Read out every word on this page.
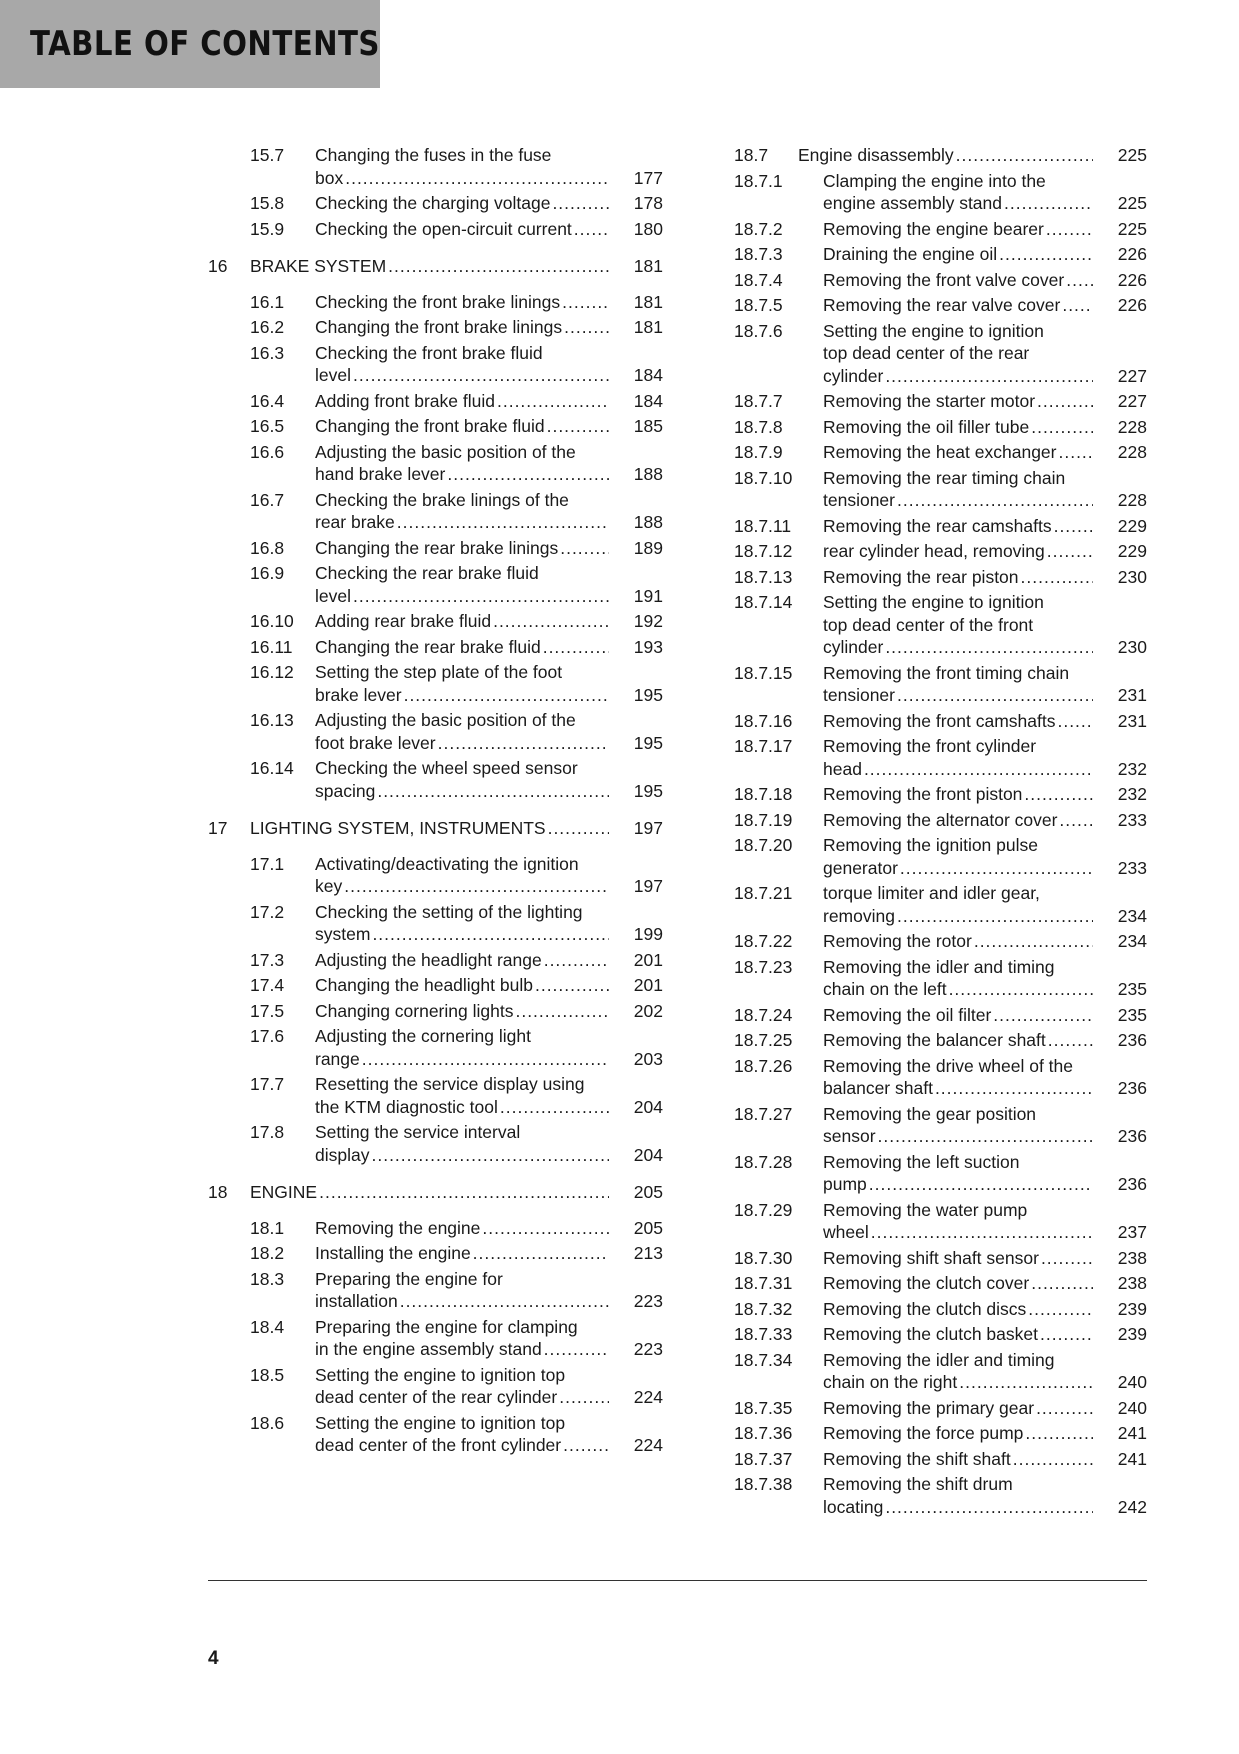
TABLE OF CONTENTS
15.7 Changing the fuses in the fuse
box .....	177
15.8 Checking the charging voltage .....	178
15.9 Checking the open-circuit current .....	180
16 BRAKE SYSTEM .....	181
16.1 Checking the front brake linings .....	181
16.2 Changing the front brake linings .....	181
16.3 Checking the front brake fluid
level .....	184
16.4 Adding front brake fluid .....	184
16.5 Changing the front brake fluid .....	185
16.6 Adjusting the basic position of the
hand brake lever .....	188
16.7 Checking the brake linings of the
rear brake .....	188
16.8 Changing the rear brake linings .....	189
16.9 Checking the rear brake fluid
level .....	191
16.10 Adding rear brake fluid .....	192
16.11 Changing the rear brake fluid .....	193
16.12 Setting the step plate of the foot
brake lever .....	195
16.13 Adjusting the basic position of the
foot brake lever .....	195
16.14 Checking the wheel speed sensor
spacing .....	195
17 LIGHTING SYSTEM, INSTRUMENTS .....	197
17.1 Activating/deactivating the ignition
key .....	197
17.2 Checking the setting of the lighting
system .....	199
17.3 Adjusting the headlight range .....	201
17.4 Changing the headlight bulb .....	201
17.5 Changing cornering lights .....	202
17.6 Adjusting the cornering light
range .....	203
17.7 Resetting the service display using
the KTM diagnostic tool .....	204
17.8 Setting the service interval
display .....	204
18 ENGINE .....	205
18.1 Removing the engine .....	205
18.2 Installing the engine .....	213
18.3 Preparing the engine for
installation .....	223
18.4 Preparing the engine for clamping
in the engine assembly stand .....	223
18.5 Setting the engine to ignition top
dead center of the rear cylinder .....	224
18.6 Setting the engine to ignition top
dead center of the front cylinder .....	224
18.7 Engine disassembly .....	225
18.7.1 Clamping the engine into the
engine assembly stand .....	225
18.7.2 Removing the engine bearer .....	225
18.7.3 Draining the engine oil .....	226
18.7.4 Removing the front valve cover .....	226
18.7.5 Removing the rear valve cover .....	226
18.7.6 Setting the engine to ignition
top dead center of the rear
cylinder .....	227
18.7.7 Removing the starter motor .....	227
18.7.8 Removing the oil filler tube .....	228
18.7.9 Removing the heat exchanger .....	228
18.7.10 Removing the rear timing chain
tensioner .....	228
18.7.11 Removing the rear camshafts .....	229
18.7.12 rear cylinder head, removing .....	229
18.7.13 Removing the rear piston .....	230
18.7.14 Setting the engine to ignition
top dead center of the front
cylinder .....	230
18.7.15 Removing the front timing chain
tensioner .....	231
18.7.16 Removing the front camshafts .....	231
18.7.17 Removing the front cylinder
head .....	232
18.7.18 Removing the front piston .....	232
18.7.19 Removing the alternator cover .....	233
18.7.20 Removing the ignition pulse
generator .....	233
18.7.21 torque limiter and idler gear,
removing .....	234
18.7.22 Removing the rotor .....	234
18.7.23 Removing the idler and timing
chain on the left .....	235
18.7.24 Removing the oil filter .....	235
18.7.25 Removing the balancer shaft .....	236
18.7.26 Removing the drive wheel of the
balancer shaft .....	236
18.7.27 Removing the gear position
sensor .....	236
18.7.28 Removing the left suction
pump .....	236
18.7.29 Removing the water pump
wheel .....	237
18.7.30 Removing shift shaft sensor .....	238
18.7.31 Removing the clutch cover .....	238
18.7.32 Removing the clutch discs .....	239
18.7.33 Removing the clutch basket .....	239
18.7.34 Removing the idler and timing
chain on the right .....	240
18.7.35 Removing the primary gear .....	240
18.7.36 Removing the force pump .....	241
18.7.37 Removing the shift shaft .....	241
18.7.38 Removing the shift drum
locating .....	242
4
